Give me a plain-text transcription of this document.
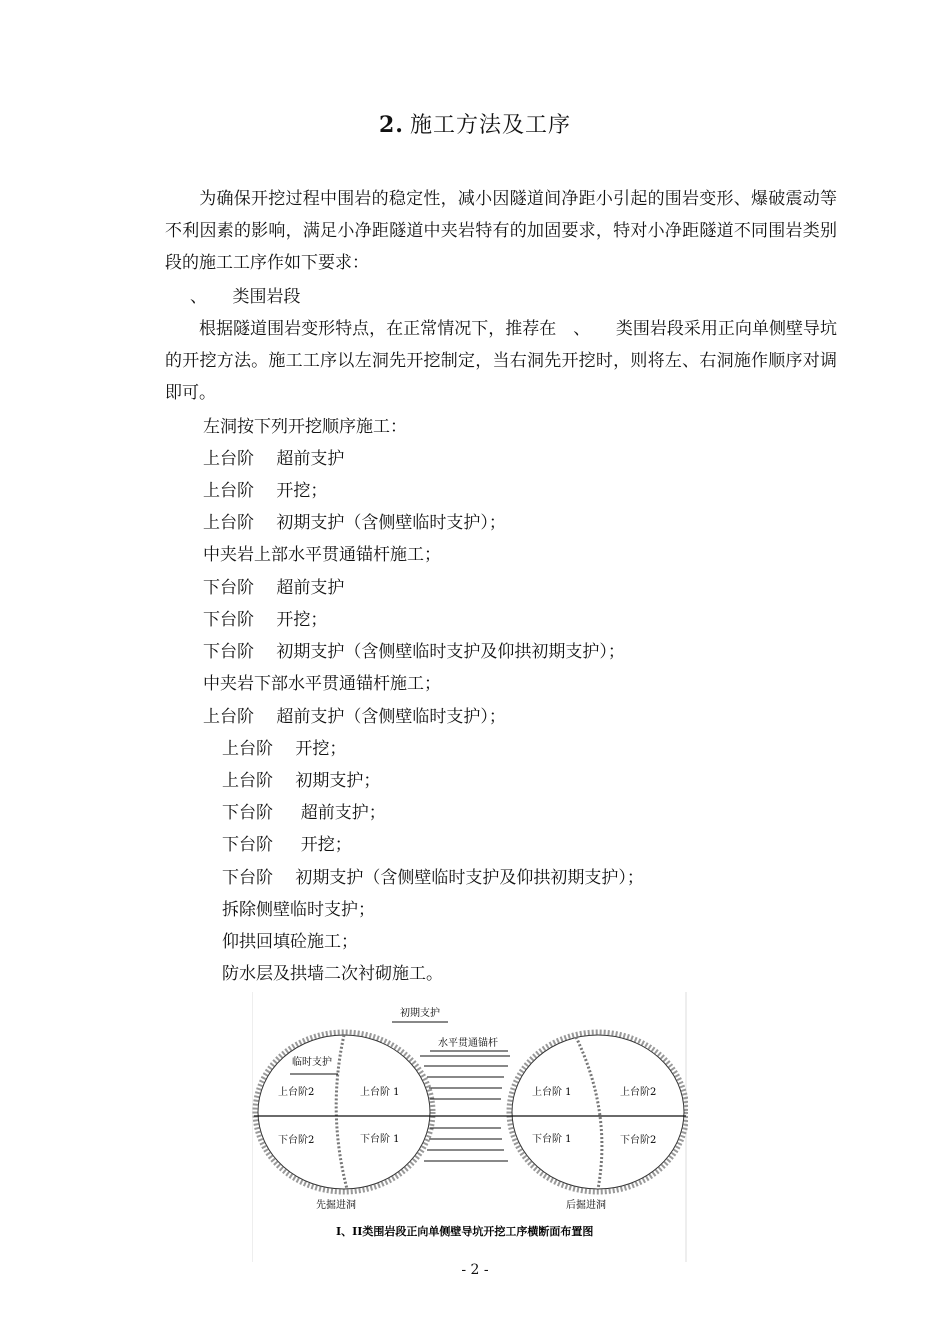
2. 施工方法及工序
为确保开挖过程中围岩的稳定性，减小因隧道间净距小引起的围岩变形、爆破震动等不利因素的影响，满足小净距隧道中夹岩特有的加固要求，特对小净距隧道不同围岩类别段的施工工序作如下要求：
、　　类围岩段
根据隧道围岩变形特点，在正常情况下，推荐在　、　　类围岩段采用正向单侧壁导坑的开挖方法。施工工序以左洞先开挖制定，当右洞先开挖时，则将左、右洞施作顺序对调即可。
左洞按下列开挖顺序施工：
上台阶　 超前支护
上台阶　 开挖；
上台阶　 初期支护（含侧壁临时支护）；
中夹岩上部水平贯通锚杆施工；
下台阶　 超前支护
下台阶　 开挖；
下台阶　 初期支护（含侧壁临时支护及仰拱初期支护）；
中夹岩下部水平贯通锚杆施工；
上台阶　 超前支护（含侧壁临时支护）；
上台阶　 开挖；
上台阶　 初期支护；
下台阶　  超前支护；
下台阶　  开挖；
下台阶　 初期支护（含侧壁临时支护及仰拱初期支护）；
拆除侧壁临时支护；
仰拱回填砼施工；
防水层及拱墙二次衬砌施工。
初期支护
水平贯通锚杆
临时支护
上台阶2	上台阶 1
下台阶2	下台阶 1
上台阶 1	上台阶2
下台阶 1	下台阶2
先掘进洞	后掘进洞
I、II类围岩段正向单侧壁导坑开挖工序横断面布置图
- 2 -
